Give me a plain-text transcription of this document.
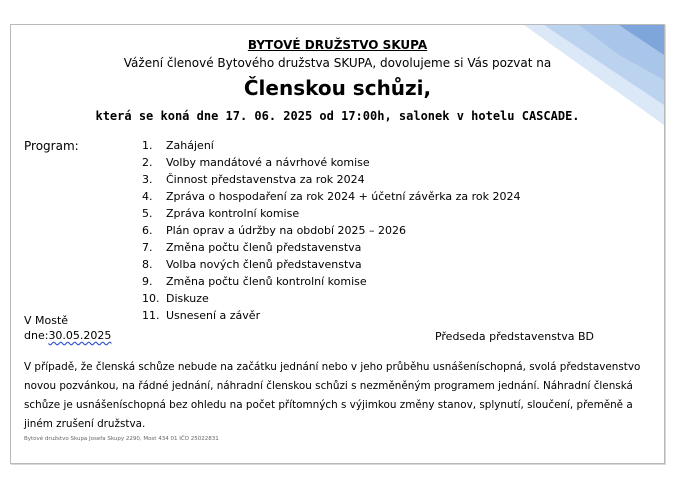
BYTOVÉ DRUŽSTVO SKUPA
Vážení členové Bytového družstva SKUPA, dovolujeme si Vás pozvat na
Členskou schůzi,
která se koná dne 17. 06. 2025 od 17:00h, salonek v hotelu CASCADE.
Program:	1.	Zahájení
2.	Volby mandátové a návrhové komise
3.	Činnost představenstva za rok 2024
4.	Zpráva o hospodaření za rok 2024 + účetní závěrka za rok 2024
5.	Zpráva kontrolní komise
6.	Plán oprav a údržby na období 2025 – 2026
7.	Změna počtu členů představenstva
8.	Volba nových členů představenstva
9.	Změna počtu členů kontrolní komise
10. Diskuze
11. Usnesení a závěr
V Mostě
dne:30.05.2025	Předseda představenstva BD
V případě, že členská schůze nebude na začátku jednání nebo v jeho průběhu usnášeníschopná, svolá představenstvo novou pozvánkou, na řádné jednání, náhradní členskou schůzi s nezměněným programem jednání. Náhradní členská schůze je usnášeníschopná bez ohledu na počet přítomných s výjimkou změny stanov, splynutí, sloučení, přeměně a jiném zrušení družstva.
Bytové družstvo Skupa Josefa Skupy 2290, Most 434 01 IČO 25022831
